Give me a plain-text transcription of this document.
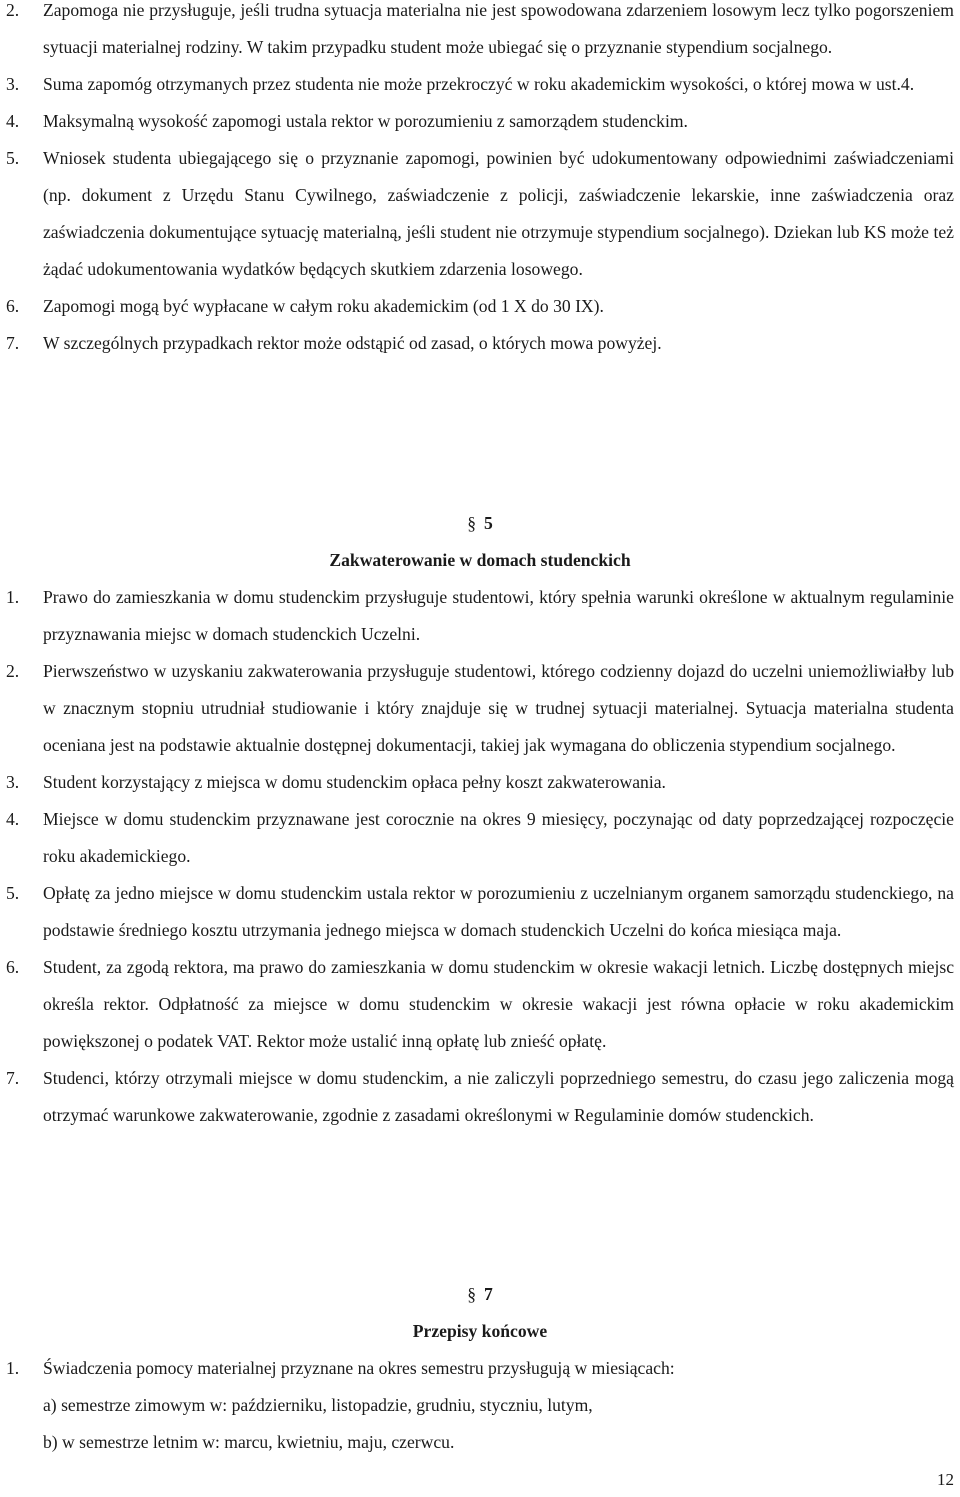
2. Zapomoga nie przysługuje, jeśli trudna sytuacja materialna nie jest spowodowana zdarzeniem losowym lecz tylko pogorszeniem sytuacji materialnej rodziny. W takim przypadku student może ubiegać się o przyznanie stypendium socjalnego.
3. Suma zapomóg otrzymanych przez studenta nie może przekroczyć w roku akademickim wysokości, o której mowa w ust.4.
4. Maksymalną wysokość zapomogi ustala rektor w porozumieniu z samorządem studenckim.
5. Wniosek studenta ubiegającego się o przyznanie zapomogi, powinien być udokumentowany odpowiednimi zaświadczeniami (np. dokument z Urzędu Stanu Cywilnego, zaświadczenie z policji, zaświadczenie lekarskie, inne zaświadczenia oraz zaświadczenia dokumentujące sytuację materialną, jeśli student nie otrzymuje stypendium socjalnego). Dziekan lub KS może też żądać udokumentowania wydatków będących skutkiem zdarzenia losowego.
6. Zapomogi mogą być wypłacane w całym roku akademickim (od 1 X do 30 IX).
7. W szczególnych przypadkach rektor może odstąpić od zasad, o których mowa powyżej.

§ 5

Zakwaterowanie w domach studenckich

1. Prawo do zamieszkania w domu studenckim przysługuje studentowi, który spełnia warunki określone w aktualnym regulaminie przyznawania miejsc w domach studenckich Uczelni.
2. Pierwszeństwo w uzyskaniu zakwaterowania przysługuje studentowi, którego codzienny dojazd do uczelni uniemożliwiałby lub w znacznym stopniu utrudniał studiowanie i który znajduje się w trudnej sytuacji materialnej. Sytuacja materialna studenta oceniana jest na podstawie aktualnie dostępnej dokumentacji, takiej jak wymagana do obliczenia stypendium socjalnego.
3. Student korzystający z miejsca w domu studenckim opłaca pełny koszt zakwaterowania.
4. Miejsce w domu studenckim przyznawane jest corocznie na okres 9 miesięcy, poczynając od daty poprzedzającej rozpoczęcie roku akademickiego.
5. Opłatę za jedno miejsce w domu studenckim ustala rektor w porozumieniu z uczelnianym organem samorządu studenckiego, na podstawie średniego kosztu utrzymania jednego miejsca w domach studenckich Uczelni do końca miesiąca maja.
6. Student, za zgodą rektora, ma prawo do zamieszkania w domu studenckim w okresie wakacji letnich. Liczbę dostępnych miejsc określa rektor. Odpłatność za miejsce w domu studenckim w okresie wakacji jest równa opłacie w roku akademickim powiększonej o podatek VAT. Rektor może ustalić inną opłatę lub znieść opłatę.
7. Studenci, którzy otrzymali miejsce w domu studenckim, a nie zaliczyli poprzedniego semestru, do czasu jego zaliczenia mogą otrzymać warunkowe zakwaterowanie, zgodnie z zasadami określonymi w Regulaminie domów studenckich.

§ 7

Przepisy końcowe

1. Świadczenia pomocy materialnej przyznane na okres semestru przysługują w miesiącach:
a) semestrze zimowym w: październiku, listopadzie, grudniu, styczniu, lutym,
b) w semestrze letnim w: marcu, kwietniu, maju, czerwcu.
12
